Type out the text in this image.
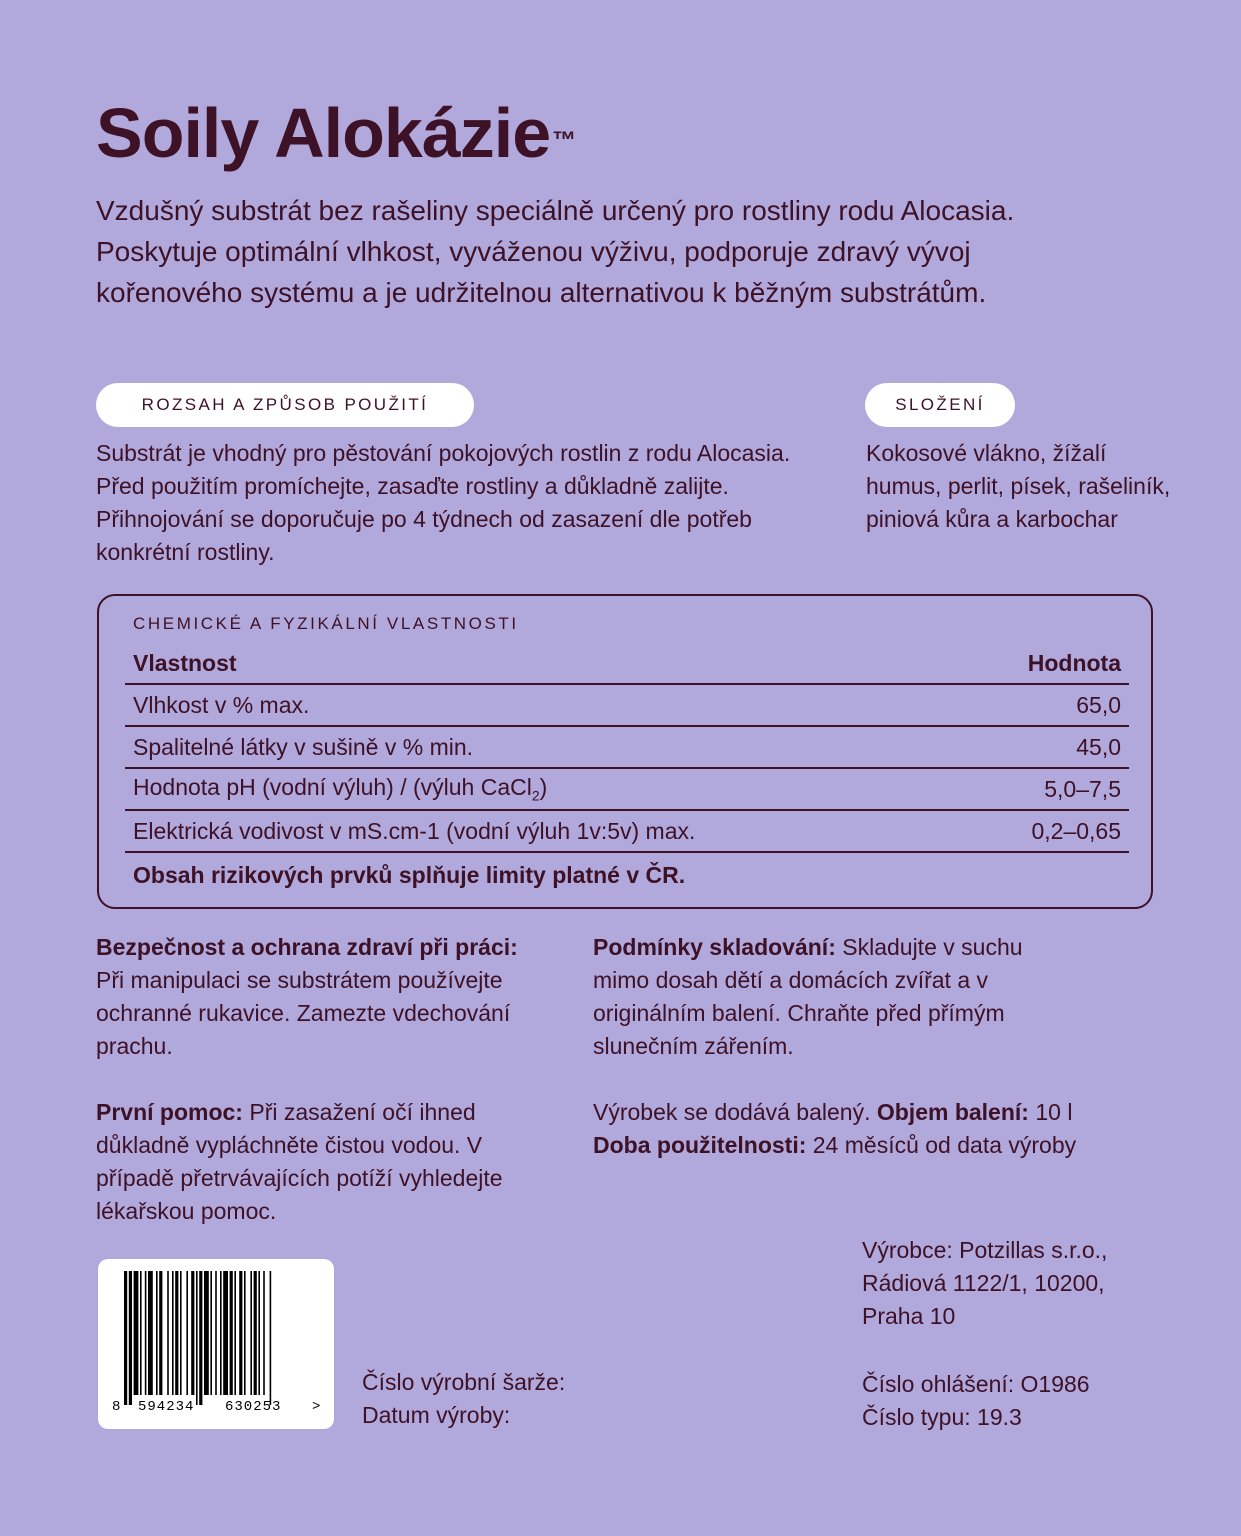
Soily Alokázie™

Vzdušný substrát bez rašeliny speciálně určený pro rostliny rodu Alocasia. Poskytuje optimální vlhkost, vyváženou výživu, podporuje zdravý vývoj kořenového systému a je udržitelnou alternativou k běžným substrátům.

ROZSAH A ZPŮSOB POUŽITÍ

Substrát je vhodný pro pěstování pokojových rostlin z rodu Alocasia. Před použitím promíchejte, zasaďte rostliny a důkladně zalijte. Přihnojování se doporučuje po 4 týdnech od zasazení dle potřeb konkrétní rostliny.

SLOŽENÍ

Kokosové vlákno, žížalí humus, perlit, písek, rašeliník, piniová kůra a karbochar

CHEMICKÉ A FYZIKÁLNÍ VLASTNOSTI
Vlastnost	Hodnota
Vlhkost v % max.	65,0
Spalitelné látky v sušině v % min.	45,0
Hodnota pH (vodní výluh) / (výluh CaCl$_2$)	5,0–7,5
Elektrická vodivost v mS.cm-1 (vodní výluh 1v:5v) max.	0,2–0,65
Obsah rizikových prvků splňuje limity platné v ČR.	

Bezpečnost a ochrana zdraví při práci: Při manipulaci se substrátem používejte ochranné rukavice. Zamezte vdechování prachu.

První pomoc: Při zasažení očí ihned důkladně vypláchněte čistou vodou. V případě přetrvávajících potíží vyhledejte lékařskou pomoc.

Podmínky skladování: Skladujte v suchu mimo dosah dětí a domácích zvířat a v originálním balení. Chraňte před přímým slunečním zářením.

Výrobek se dodává balený. Objem balení: 10 l
Doba použitelnosti: 24 měsíců od data výroby

8 594234 630253 >
Číslo výrobní šarže:
Datum výroby:
Výrobce: Potzillas s.r.o.,
Rádiová 1122/1, 10200,
Praha 10
Číslo ohlášení: O1986
Číslo typu: 19.3
